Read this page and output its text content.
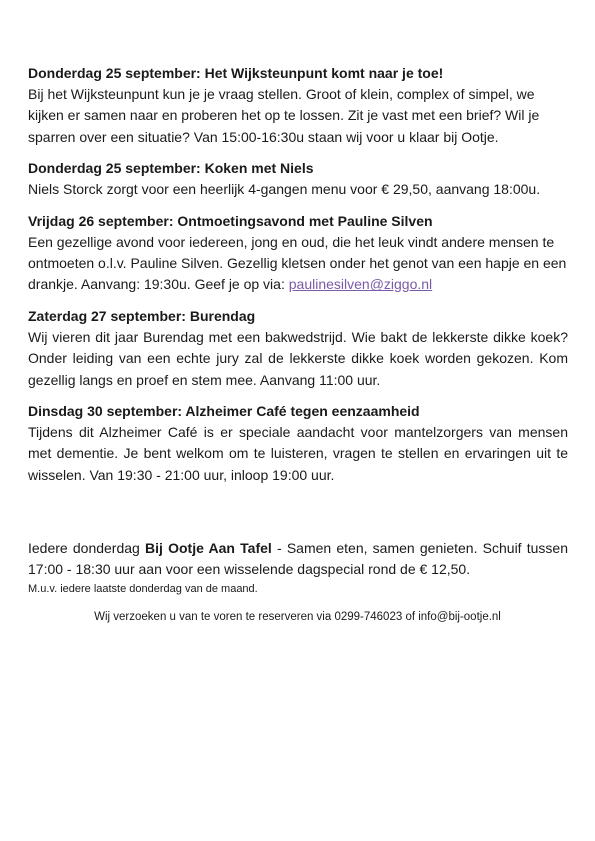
Donderdag 25 september: Het Wijksteunpunt komt naar je toe!
Bij het Wijksteunpunt kun je je vraag stellen. Groot of klein, complex of simpel, we kijken er samen naar en proberen het op te lossen. Zit je vast met een brief? Wil je sparren over een situatie? Van 15:00-16:30u staan wij voor u klaar bij Ootje.
Donderdag 25 september: Koken met Niels
Niels Storck zorgt voor een heerlijk 4-gangen menu voor € 29,50, aanvang 18:00u.
Vrijdag 26 september: Ontmoetingsavond met Pauline Silven
Een gezellige avond voor iedereen, jong en oud, die het leuk vindt andere mensen te ontmoeten o.l.v. Pauline Silven. Gezellig kletsen onder het genot van een hapje en een drankje. Aanvang: 19:30u. Geef je op via: paulinesilven@ziggo.nl
Zaterdag 27 september: Burendag
Wij vieren dit jaar Burendag met een bakwedstrijd. Wie bakt de lekkerste dikke koek? Onder leiding van een echte jury zal de lekkerste dikke koek worden gekozen. Kom gezellig langs en proef en stem mee. Aanvang 11:00 uur.
Dinsdag 30 september: Alzheimer Café tegen eenzaamheid
Tijdens dit Alzheimer Café is er speciale aandacht voor mantelzorgers van mensen met dementie. Je bent welkom om te luisteren, vragen te stellen en ervaringen uit te wisselen. Van 19:30 - 21:00 uur, inloop 19:00 uur.
Iedere donderdag Bij Ootje Aan Tafel - Samen eten, samen genieten. Schuif tussen 17:00 - 18:30 uur aan voor een wisselende dagspecial rond de € 12,50.
M.u.v. iedere laatste donderdag van de maand.
Wij verzoeken u van te voren te reserveren via 0299-746023 of info@bij-ootje.nl
